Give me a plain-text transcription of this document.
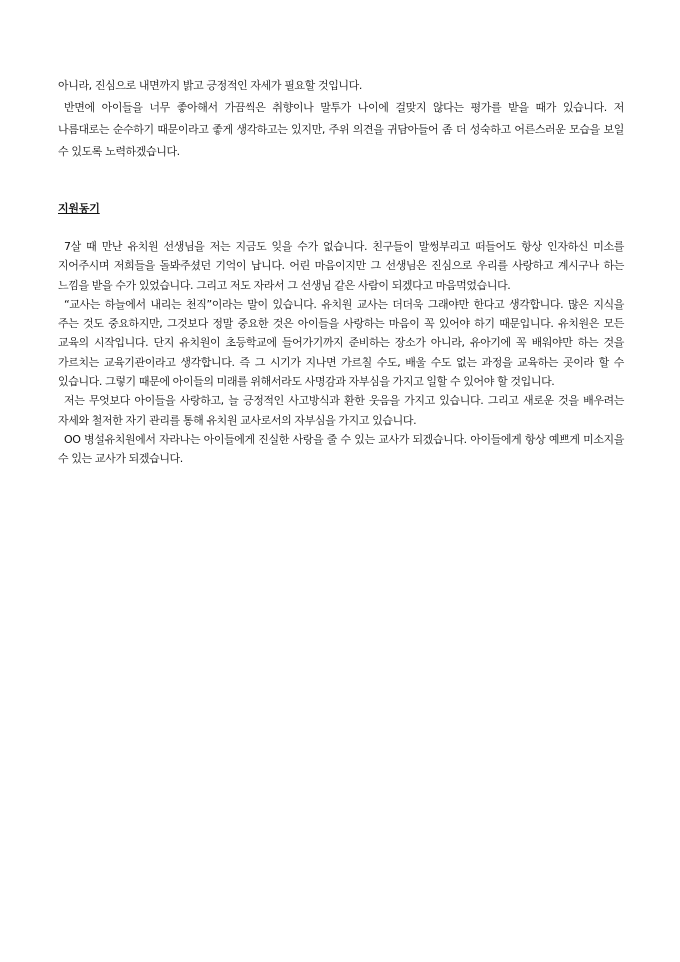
아니라, 진심으로 내면까지 밝고 긍정적인 자세가 필요할 것입니다.

반면에 아이들을 너무 좋아해서 가끔씩은 취향이나 말투가 나이에 걸맞지 않다는 평가를 받을 때가 있습니다. 저 나름대로는 순수하기 때문이라고 좋게 생각하고는 있지만, 주위 의견을 귀담아들어 좀 더 성숙하고 어른스러운 모습을 보일 수 있도록 노력하겠습니다.

지원동기

7살 때 만난 유치원 선생님을 저는 지금도 잊을 수가 없습니다. 친구들이 말썽부리고 떠들어도 항상 인자하신 미소를 지어주시며 저희들을 돌봐주셨던 기억이 납니다. 어린 마음이지만 그 선생님은 진심으로 우리를 사랑하고 계시구나 하는 느낌을 받을 수가 있었습니다. 그리고 저도 자라서 그 선생님 같은 사람이 되겠다고 마음먹었습니다.

“교사는 하늘에서 내리는 천직”이라는 말이 있습니다. 유치원 교사는 더더욱 그래야만 한다고 생각합니다. 많은 지식을 주는 것도 중요하지만, 그것보다 정말 중요한 것은 아이들을 사랑하는 마음이 꼭 있어야 하기 때문입니다. 유치원은 모든 교육의 시작입니다. 단지 유치원이 초등학교에 들어가기까지 준비하는 장소가 아니라, 유아기에 꼭 배워야만 하는 것을 가르치는 교육기관이라고 생각합니다. 즉 그 시기가 지나면 가르칠 수도, 배울 수도 없는 과정을 교육하는 곳이라 할 수 있습니다. 그렇기 때문에 아이들의 미래를 위해서라도 사명감과 자부심을 가지고 일할 수 있어야 할 것입니다.

저는 무엇보다 아이들을 사랑하고, 늘 긍정적인 사고방식과 환한 웃음을 가지고 있습니다. 그리고 새로운 것을 배우려는 자세와 철저한 자기 관리를 통해 유치원 교사로서의 자부심을 가지고 있습니다.

OO 병설유치원에서 자라나는 아이들에게 진실한 사랑을 줄 수 있는 교사가 되겠습니다. 아이들에게 항상 예쁘게 미소지을 수 있는 교사가 되겠습니다.
